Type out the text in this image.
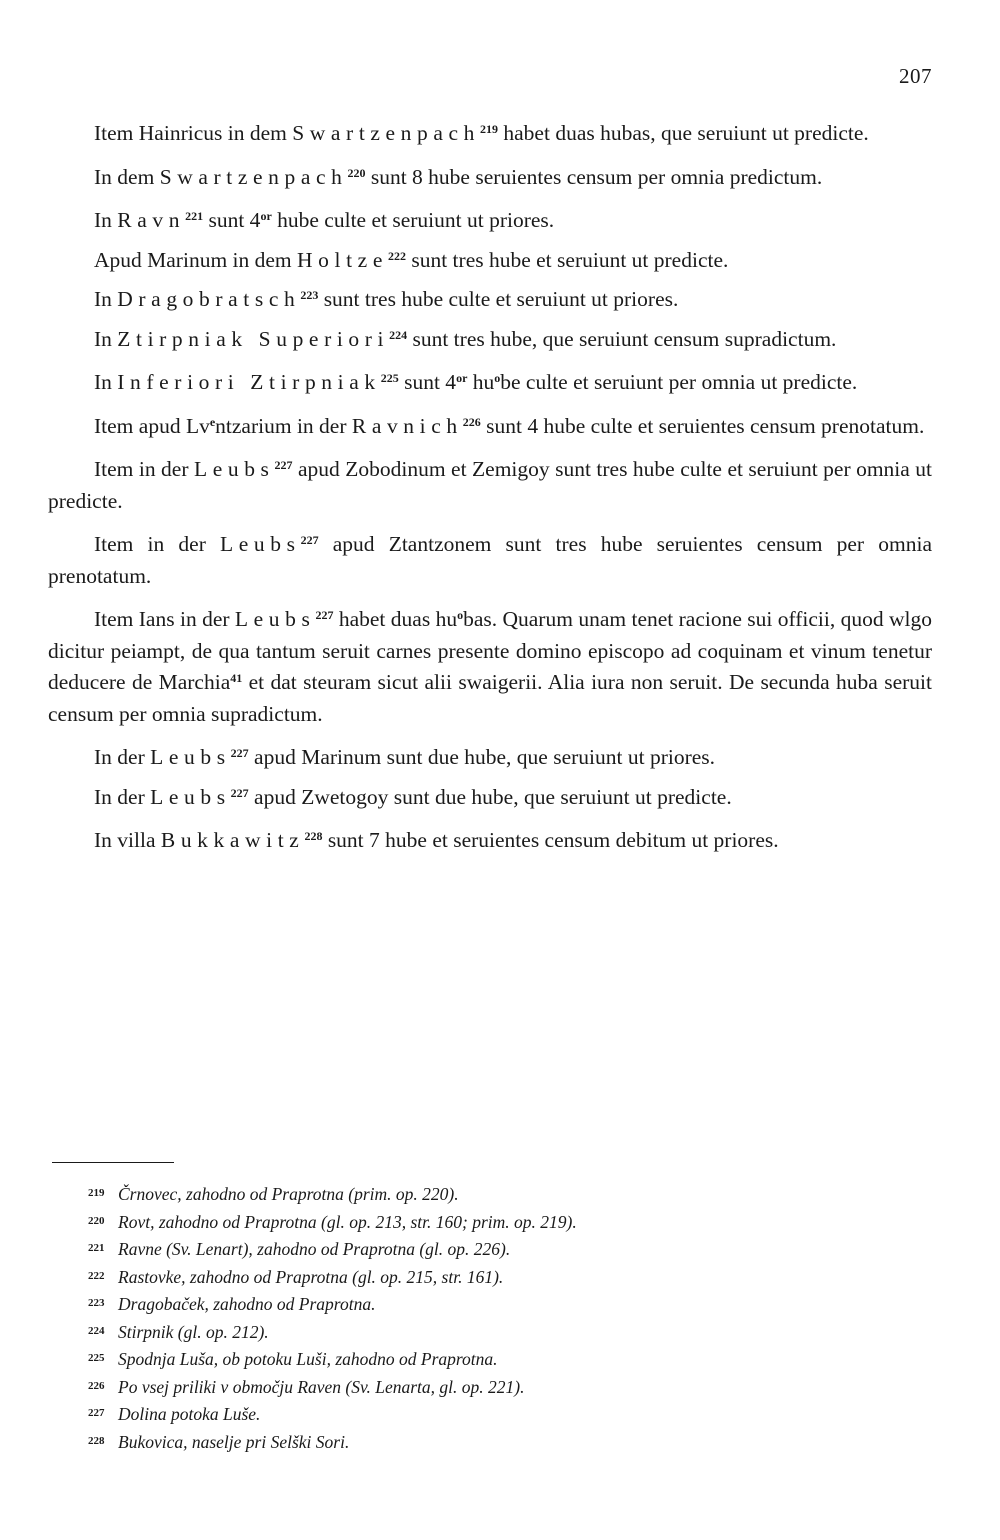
207

Item Hainricus in dem Swartzenpach$^{219}$ habet duas hubas, que seruiunt ut predicte.

In dem Swartzenpach$^{220}$ sunt 8 hube seruientes censum per omnia predictum.

In Ravn$^{221}$ sunt $4^{or}$ hube culte et seruiunt ut priores.

Apud Marinum in dem Holtze$^{222}$ sunt tres hube et seruiunt ut predicte.

In Dragobratsch$^{223}$ sunt tres hube culte et seruiunt ut priores.

In Ztirpniak Superiori$^{224}$ sunt tres hube, que seruiunt censum supradictum.

In Inferiori Ztirpniak$^{225}$ sunt $4^{or}$ $hu^obe$ culte et seruiunt per omnia ut predicte.

Item apud Lv$^e$ntzarium in der Ravnich$^{226}$ sunt 4 hube culte et seruientes censum prenotatum.

Item in der Leubs$^{227}$ apud Zobodinum et Zemigoy sunt tres hube culte et seruiunt per omnia ut predicte.

Item in der Leubs$^{227}$ apud Ztantzonem sunt tres hube seruientes censum per omnia prenotatum.

Item Ians in der Leubs$^{227}$ habet duas $hu^obas$. Quarum unam tenet racione sui officii, quod wlgo dicitur peiampt, de qua tantum seruit carnes presente domino episcopo ad coquinam et vinum tenetur deducere de Marchia$^{41}$ et dat steuram sicut alii swaigerii. Alia iura non seruit. De secunda huba seruit censum per omnia supradictum.

In der Leubs$^{227}$ apud Marinum sunt due hube, que seruiunt ut priores.

In der Leubs$^{227}$ apud Zwetogoy sunt due hube, que seruiunt ut predicte.

In villa Bukkawitz$^{228}$ sunt 7 hube et seruientes censum debitum ut priores.

219 Črnovec, zahodno od Praprotna (prim. op. 220).

220 Rovt, zahodno od Praprotna (gl. op. 213, str. 160; prim. op. 219).

221 Ravne (Sv. Lenart), zahodno od Praprotna (gl. op. 226).

222 Rastovke, zahodno od Praprotna (gl. op. 215, str. 161).

223 Dragobaček, zahodno od Praprotna.

224 Stirpnik (gl. op. 212).

225 Spodnja Luša, ob potoku Luši, zahodno od Praprotna.

226 Po vsej priliki v območju Raven (Sv. Lenarta, gl. op. 221).

227 Dolina potoka Luše.

228 Bukovica, naselje pri Selški Sori.
